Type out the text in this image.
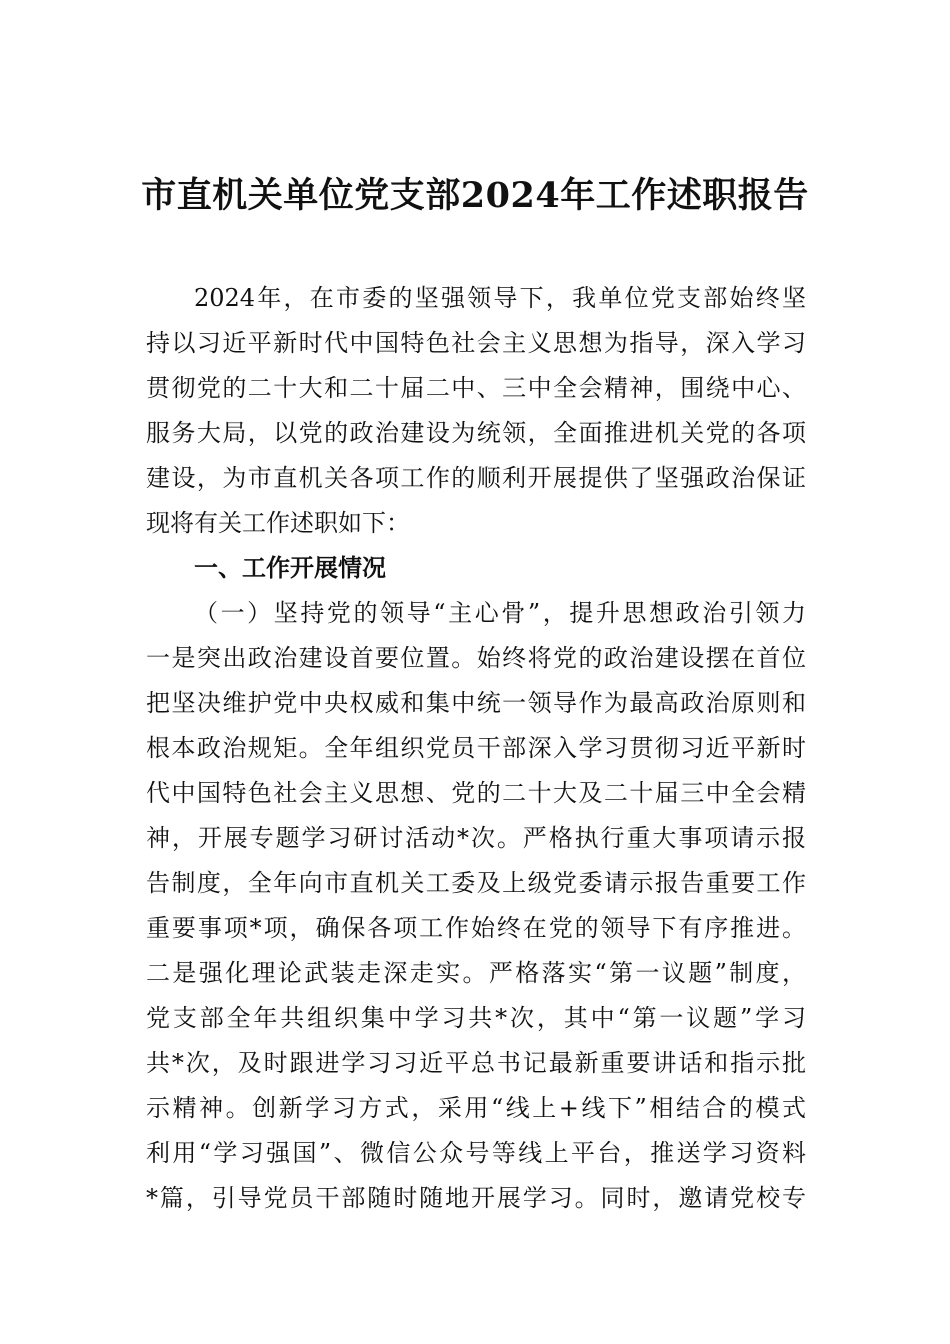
市直机关单位党支部2024年工作述职报告
2024年，在市委的坚强领导下，我单位党支部始终坚
持以习近平新时代中国特色社会主义思想为指导，深入学习
贯彻党的二十大和二十届二中、三中全会精神，围绕中心、
服务大局，以党的政治建设为统领，全面推进机关党的各项
建设，为市直机关各项工作的顺利开展提供了坚强政治保证
现将有关工作述职如下：
一、工作开展情况
（一）坚持党的领导“主心骨”，提升思想政治引领力
一是突出政治建设首要位置。始终将党的政治建设摆在首位
把坚决维护党中央权威和集中统一领导作为最高政治原则和
根本政治规矩。全年组织党员干部深入学习贯彻习近平新时
代中国特色社会主义思想、党的二十大及二十届三中全会精
神，开展专题学习研讨活动*次。严格执行重大事项请示报
告制度，全年向市直机关工委及上级党委请示报告重要工作
重要事项*项，确保各项工作始终在党的领导下有序推进。
二是强化理论武装走深走实。严格落实“第一议题”制度，
党支部全年共组织集中学习共*次，其中“第一议题”学习
共*次，及时跟进学习习近平总书记最新重要讲话和指示批
示精神。创新学习方式，采用“线上+线下”相结合的模式
利用“学习强国”、微信公众号等线上平台，推送学习资料
*篇，引导党员干部随时随地开展学习。同时，邀请党校专
